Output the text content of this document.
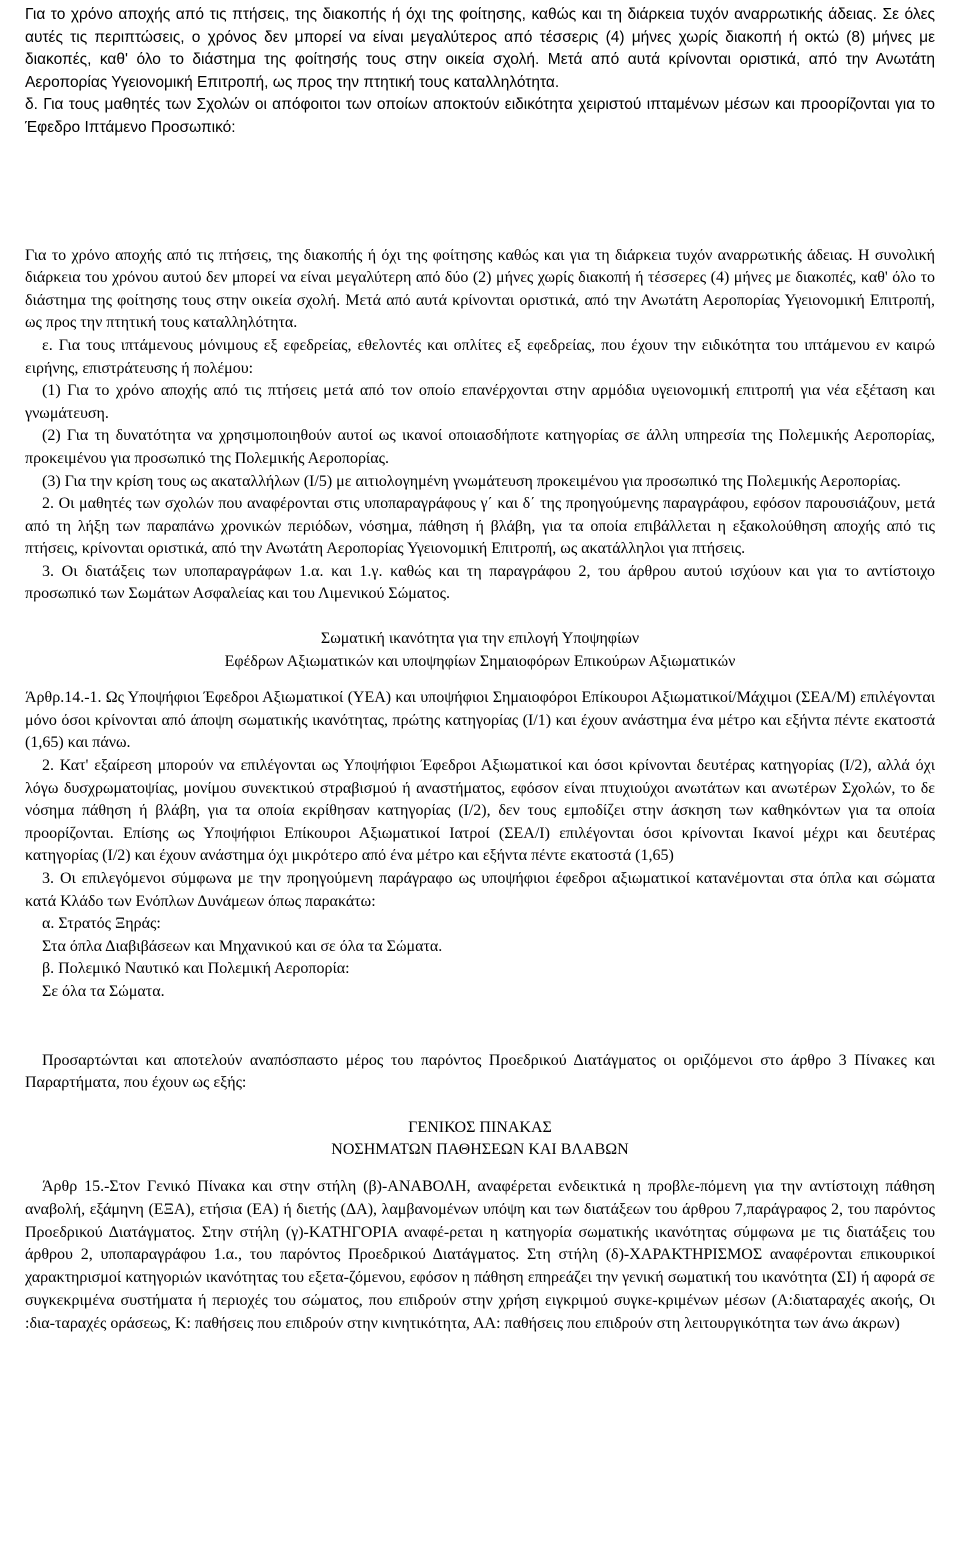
Για το χρόνο αποχής από τις πτήσεις, της διακοπής ή όχι της φοίτησης, καθώς και τη διάρκεια τυχόν αναρρωτικής άδειας. Σε όλες αυτές τις περιπτώσεις, ο χρόνος δεν μπορεί να είναι μεγαλύτερος από τέσσερις (4) μήνες χωρίς διακοπή ή οκτώ (8) μήνες με διακοπές, καθ' όλο το διάστημα της φοίτησής τους στην οικεία σχολή. Μετά από αυτά κρίνονται οριστικά, από την Ανωτάτη Αεροπορίας Υγειονομική Επιτροπή, ως προς την πτητική τους καταλληλότητα.

δ. Για τους μαθητές των Σχολών οι απόφοιτοι των οποίων αποκτούν ειδικότητα χειριστού ιπταμένων μέσων και προορίζονται για το Έφεδρο Ιπτάμενο Προσωπικό:

Για το χρόνο αποχής από τις πτήσεις, της διακοπής ή όχι της φοίτησης καθώς και για τη διάρκεια τυχόν αναρρωτικής άδειας. Η συνολική διάρκεια του χρόνου αυτού δεν μπορεί να είναι μεγαλύτερη από δύο (2) μήνες χωρίς διακοπή ή τέσσερες (4) μήνες με διακοπές, καθ' όλο το διάστημα της φοίτησης τους στην οικεία σχολή. Μετά από αυτά κρίνονται οριστικά, από την Ανωτάτη Αεροπορίας Υγειονομική Επιτροπή, ως προς την πτητική τους καταλληλότητα.

ε. Για τους ιπτάμενους μόνιμους εξ εφεδρείας, εθελοντές και οπλίτες εξ εφεδρείας, που έχουν την ειδικότητα του ιπτάμενου εν καιρώ ειρήνης, επιστράτευσης ή πολέμου:

(1) Για το χρόνο αποχής από τις πτήσεις μετά από τον οποίο επανέρχονται στην αρμόδια υγειονομική επιτροπή για νέα εξέταση και γνωμάτευση.

(2) Για τη δυνατότητα να χρησιμοποιηθούν αυτοί ως ικανοί οποιασδήποτε κατηγορίας σε άλλη υπηρεσία της Πολεμικής Αεροπορίας, προκειμένου για προσωπικό της Πολεμικής Αεροπορίας.

(3) Για την κρίση τους ως ακαταλλήλων (Ι/5) με αιτιολογημένη γνωμάτευση προκειμένου για προσωπικό της Πολεμικής Αεροπορίας.

2. Οι μαθητές των σχολών που αναφέρονται στις υποπαραγράφους γ΄ και δ΄ της προηγούμενης παραγράφου, εφόσον παρουσιάζουν, μετά από τη λήξη των παραπάνω χρονικών περιόδων, νόσημα, πάθηση ή βλάβη, για τα οποία επιβάλλεται η εξακολούθηση αποχής από τις πτήσεις, κρίνονται οριστικά, από την Ανωτάτη Αεροπορίας Υγειονομική Επιτροπή, ως ακατάλληλοι για πτήσεις.

3. Οι διατάξεις των υποπαραγράφων 1.α. και 1.γ. καθώς και τη παραγράφου 2, του άρθρου αυτού ισχύουν και για το αντίστοιχο προσωπικό των Σωμάτων Ασφαλείας και του Λιμενικού Σώματος.

Σωματική ικανότητα για την επιλογή Υποψηφίων

Εφέδρων Αξιωματικών και υποψηφίων Σημαιοφόρων Επικούρων Αξιωματικών

Άρθρ.14.-1. Ως Υποψήφιοι Έφεδροι Αξιωματικοί (ΥΕΑ) και υποψήφιοι Σημαιοφόροι Επίκουροι Αξιωματικοί/Μάχιμοι (ΣΕΑ/Μ) επιλέγονται μόνο όσοι κρίνονται από άποψη σωματικής ικανότητας, πρώτης κατηγορίας (Ι/1) και έχουν ανάστημα ένα μέτρο και εξήντα πέντε εκατοστά (1,65) και πάνω.

2. Κατ' εξαίρεση μπορούν να επιλέγονται ως Υποψήφιοι Έφεδροι Αξιωματικοί και όσοι κρίνονται δευτέρας κατηγορίας (Ι/2), αλλά όχι λόγω δυσχρωματοψίας, μονίμου συνεκτικού στραβισμού ή αναστήματος, εφόσον είναι πτυχιούχοι ανωτάτων και ανωτέρων Σχολών, το δε νόσημα πάθηση ή βλάβη, για τα οποία εκρίθησαν κατηγορίας (Ι/2), δεν τους εμποδίζει στην άσκηση των καθηκόντων για τα οποία προορίζονται. Επίσης ως Υποψήφιοι Επίκουροι Αξιωματικοί Ιατροί (ΣΕΑ/Ι) επιλέγονται όσοι κρίνονται Ικανοί μέχρι και δευτέρας κατηγορίας (Ι/2) και έχουν ανάστημα όχι μικρότερο από ένα μέτρο και εξήντα πέντε εκατοστά (1,65)

3. Οι επιλεγόμενοι σύμφωνα με την προηγούμενη παράγραφο ως υποψήφιοι έφεδροι αξιωματικοί κατανέμονται στα όπλα και σώματα κατά Κλάδο των Ενόπλων Δυνάμεων όπως παρακάτω:

α. Στρατός Ξηράς:

Στα όπλα Διαβιβάσεων και Μηχανικού και σε όλα τα Σώματα.

β. Πολεμικό Ναυτικό και Πολεμική Αεροπορία:

Σε όλα τα Σώματα.

Προσαρτώνται και αποτελούν αναπόσπαστο μέρος του παρόντος Προεδρικού Διατάγματος οι οριζόμενοι στο άρθρο 3 Πίνακες και Παραρτήματα, που έχουν ως εξής:

ΓΕΝΙΚΟΣ ΠΙΝΑΚΑΣ

ΝΟΣΗΜΑΤΩΝ ΠΑΘΗΣΕΩΝ ΚΑΙ ΒΛΑΒΩΝ

Άρθρ 15.-Στον Γενικό Πίνακα και στην στήλη (β)-ΑΝΑΒΟΛΗ, αναφέρεται ενδεικτικά η προβλε-πόμενη για την αντίστοιχη πάθηση αναβολή, εξάμηνη (ΕΞΑ), ετήσια (ΕΑ) ή διετής (ΔΑ), λαμβανομένων υπόψη και των διατάξεων του άρθρου 7,παράγραφος 2, του παρόντος Προεδρικού Διατάγματος. Στην στήλη (γ)-ΚΑΤΗΓΟΡΙΑ αναφέ-ρεται η κατηγορία σωματικής ικανότητας σύμφωνα με τις διατάξεις του άρθρου 2, υποπαραγράφου 1.α., του παρόντος Προεδρικού Διατάγματος. Στη στήλη (δ)-ΧΑΡΑΚΤΗΡΙΣΜΟΣ αναφέρονται επικουρικοί χαρακτηρισμοί κατηγοριών ικανότητας του εξετα-ζόμενου, εφόσον η πάθηση επηρεάζει την γενική σωματική του ικανότητα (ΣΙ) ή αφορά σε συγκεκριμένα συστήματα ή περιοχές του σώματος, που επιδρούν στην χρήση ειγκριμού συγκε-κριμένων μέσων (Α:διαταραχές ακοής, Οι :δια-ταραχές οράσεως, Κ: παθήσεις που επιδρούν στην κινητικότητα, ΑΑ: παθήσεις που επιδρούν στη λειτουργικότητα των άνω άκρων)
